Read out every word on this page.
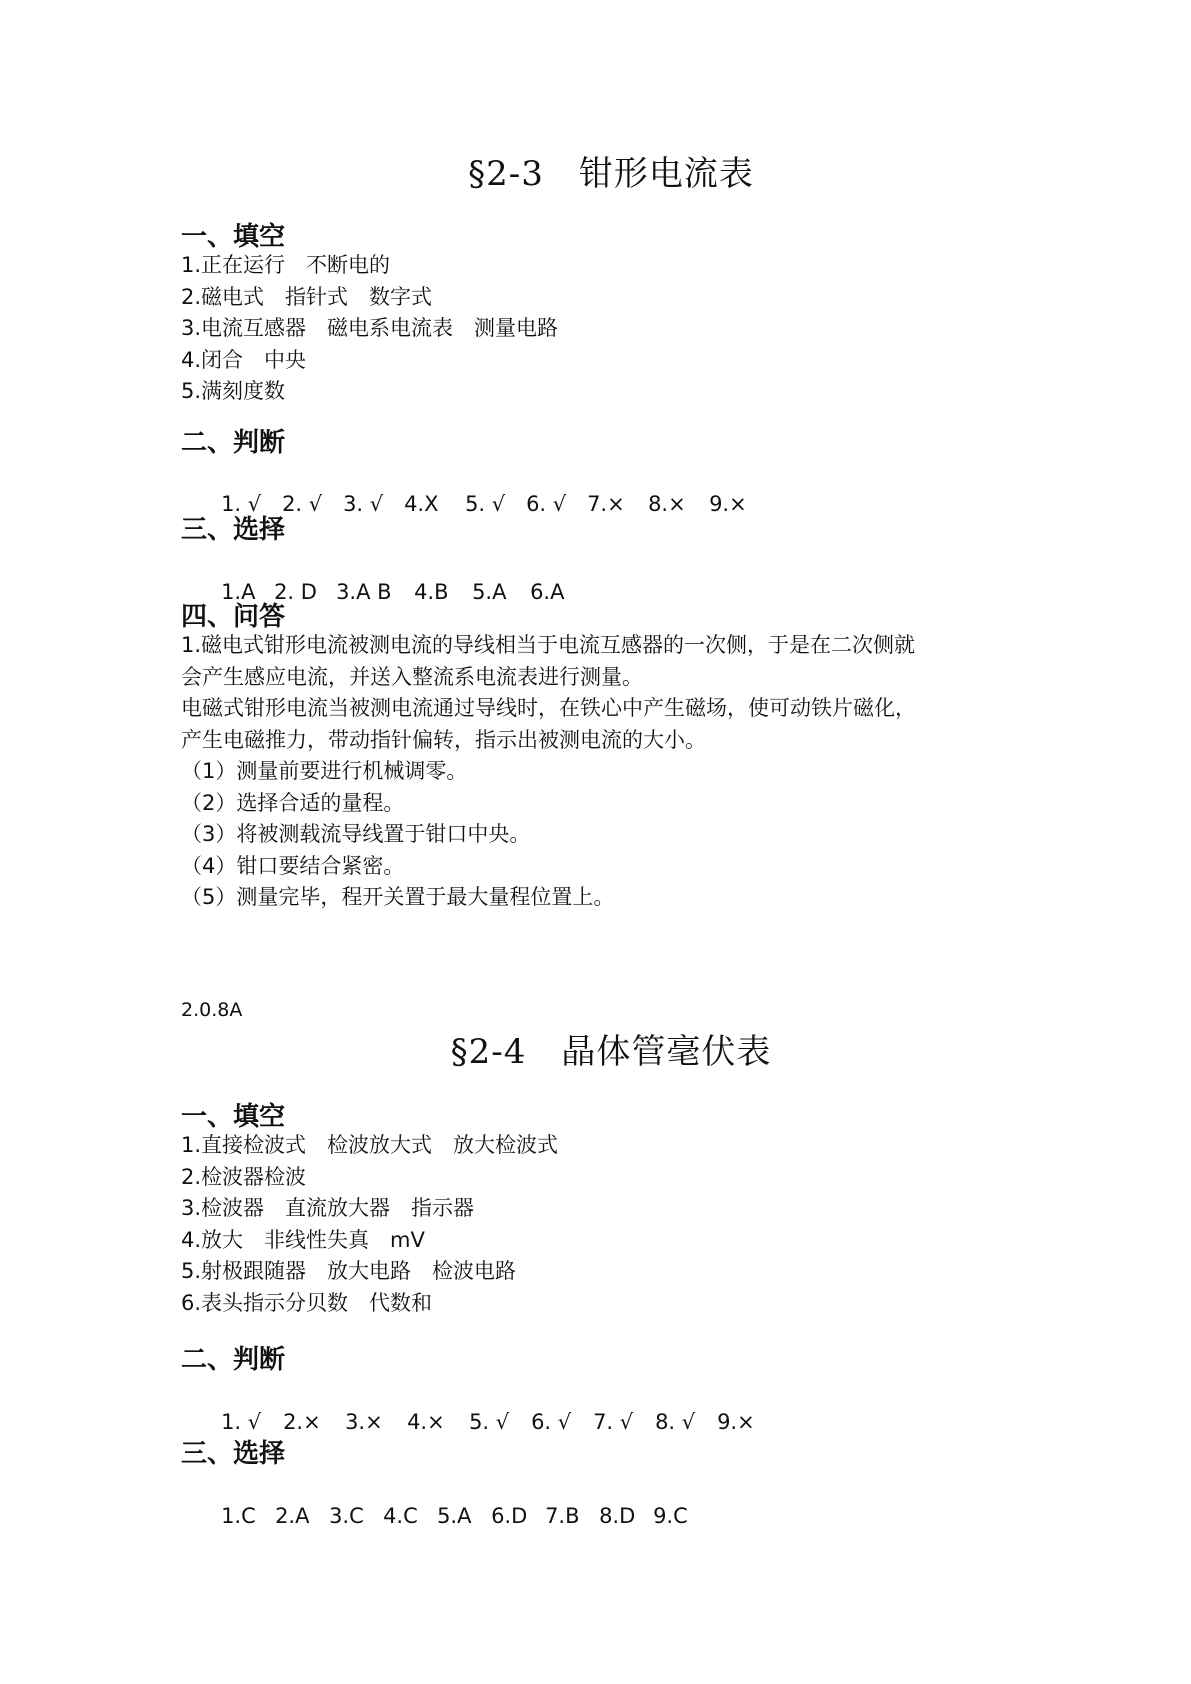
§2-3　钳形电流表
一、填空
1.正在运行　不断电的
2.磁电式　指针式　数字式
3.电流互感器　磁电系电流表　测量电路
4.闭合　中央
5.满刻度数
二、判断

1. √ 2. √ 3. √ 4.X 5. √ 6. √ 7.× 8.× 9.×

三、选择

1.A 2. D 3.A B 4.B 5.A 6.A

四、问答
1.磁电式钳形电流被测电流的导线相当于电流互感器的一次侧，于是在二次侧就
会产生感应电流，并送入整流系电流表进行测量。
电磁式钳形电流当被测电流通过导线时，在铁心中产生磁场，使可动铁片磁化，
产生电磁推力，带动指针偏转，指示出被测电流的大小。
（1）测量前要进行机械调零。
（2）选择合适的量程。
（3）将被测载流导线置于钳口中央。
（4）钳口要结合紧密。
（5）测量完毕，程开关置于最大量程位置上。
2.0.8A
§2-4　晶体管毫伏表
一、填空
1.直接检波式　检波放大式　放大检波式
2.检波器检波
3.检波器　直流放大器　指示器
4.放大　非线性失真　mV
5.射极跟随器　放大电路　检波电路
6.表头指示分贝数　代数和
二、判断

1. √ 2.× 3.× 4.× 5. √ 6. √ 7. √ 8. √ 9.×

三、选择

1.C 2.A 3.C 4.C 5.A 6.D 7.B 8.D 9.C
